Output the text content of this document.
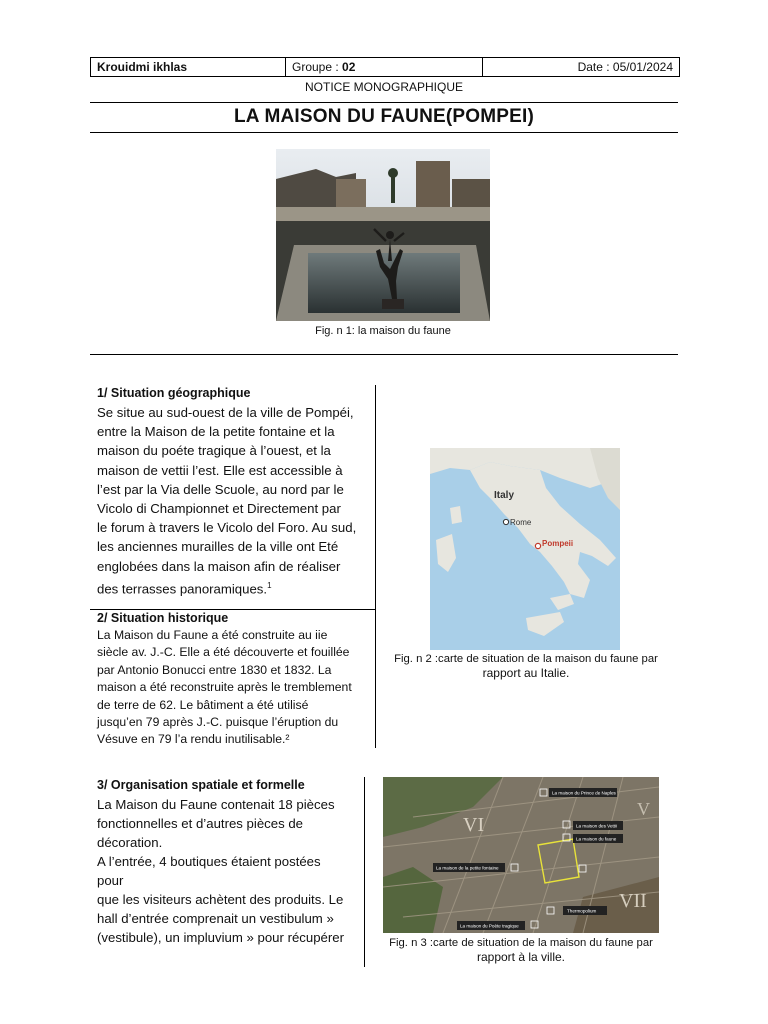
Krouidmi ikhlas	Groupe : 02	Date : 05/01/2024
NOTICE MONOGRAPHIQUE
LA MAISON DU FAUNE(POMPEI)
Fig. n 1: la maison du faune
1/ Situation géographique
Se situe au sud-ouest de la ville de Pompéi,
entre la Maison de la petite fontaine et la
maison du poéte tragique à l’ouest, et la
maison de vettii l’est. Elle est accessible à
l’est par la Via delle Scuole, au nord par le
Vicolo di Championnet et Directement par
le forum à travers le Vicolo del Foro. Au sud,
les anciennes murailles de la ville ont Eté
englobées dans la maison afin de réaliser
des terrasses panoramiques.$^1$
2/ Situation historique
La Maison du Faune a été construite au iie
siècle av. J.-C. Elle a été découverte et fouillée
par Antonio Bonucci entre 1830 et 1832. La
maison a été reconstruite après le tremblement
de terre de 62. Le bâtiment a été utilisé
jusqu’en 79 après J.-C. puisque l’éruption du
Vésuve en 79 l’a rendu inutilisable.²
Italy
Rome
Pompeii
Fig. n 2 :carte de situation de la maison du faune par
rapport au Italie.
3/ Organisation spatiale et formelle
La Maison du Faune contenait 18 pièces
fonctionnelles et d’autres pièces de
décoration.
A l’entrée, 4 boutiques étaient postées
pour
que les visiteurs achètent des produits. Le
hall d’entrée comprenait un vestibulum »
(vestibule), un impluvium » pour récupérer
VI
V
VII
La maison du Prince de Naples
La maison des Vettii
La maison du faune
La maison de la petite fontaine
Thermopolium
La maison du Poète tragique
Fig. n 3 :carte de situation de la maison du faune par
rapport à la ville.
